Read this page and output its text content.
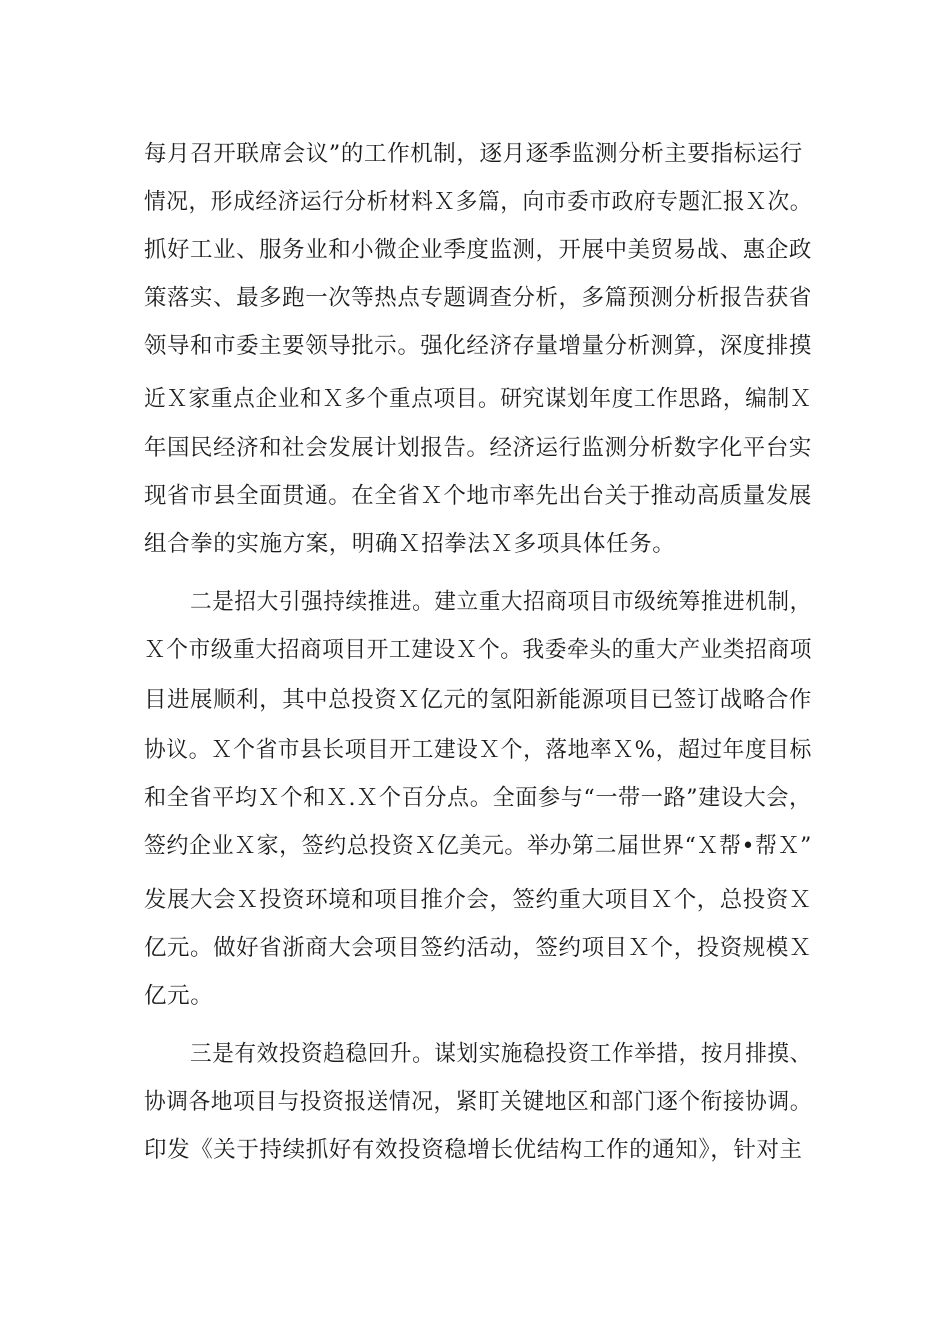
每月召开联席会议”的工作机制，逐月逐季监测分析主要指标运行
情况，形成经济运行分析材料Ｘ多篇，向市委市政府专题汇报Ｘ次。
抓好工业、服务业和小微企业季度监测，开展中美贸易战、惠企政
策落实、最多跑一次等热点专题调查分析，多篇预测分析报告获省
领导和市委主要领导批示。强化经济存量增量分析测算，深度排摸
近Ｘ家重点企业和Ｘ多个重点项目。研究谋划年度工作思路，编制Ｘ
年国民经济和社会发展计划报告。经济运行监测分析数字化平台实
现省市县全面贯通。在全省Ｘ个地市率先出台关于推动高质量发展
组合拳的实施方案，明确Ｘ招拳法Ｘ多项具体任务。
二是招大引强持续推进。建立重大招商项目市级统筹推进机制，
Ｘ个市级重大招商项目开工建设Ｘ个。我委牵头的重大产业类招商项
目进展顺利，其中总投资Ｘ亿元的氢阳新能源项目已签订战略合作
协议。Ｘ个省市县长项目开工建设Ｘ个，落地率Ｘ%，超过年度目标
和全省平均Ｘ个和Ｘ.Ｘ个百分点。全面参与“一带一路”建设大会，
签约企业Ｘ家，签约总投资Ｘ亿美元。举办第二届世界“Ｘ帮•帮Ｘ”
发展大会Ｘ投资环境和项目推介会，签约重大项目Ｘ个，总投资Ｘ
亿元。做好省浙商大会项目签约活动，签约项目Ｘ个，投资规模Ｘ
亿元。
三是有效投资趋稳回升。谋划实施稳投资工作举措，按月排摸、
协调各地项目与投资报送情况，紧盯关键地区和部门逐个衔接协调。
印发《关于持续抓好有效投资稳增长优结构工作的通知》，针对主
